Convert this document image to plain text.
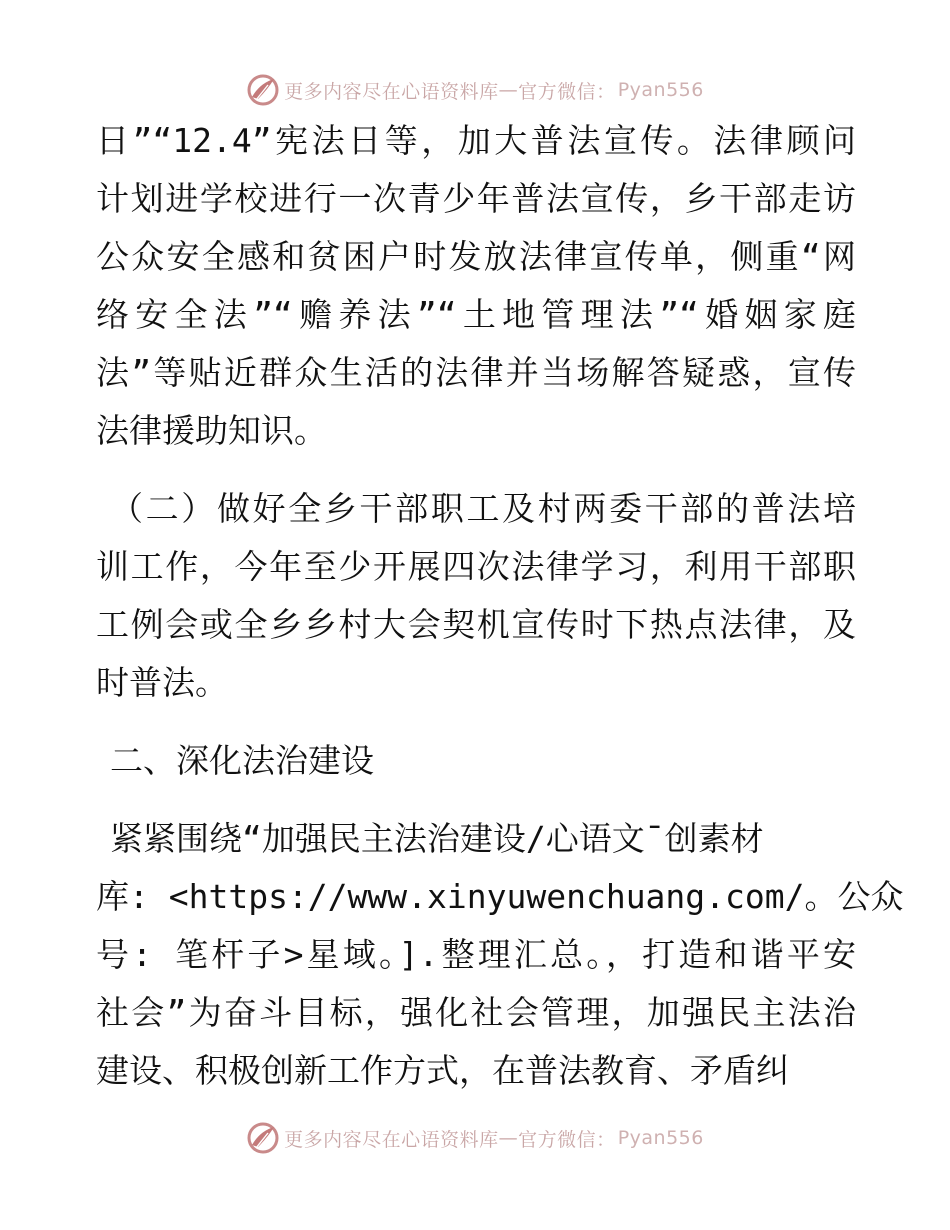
更多内容尽在心语资料库 — 官方微信： Pyan556
日”“12.4”宪法日等，加大普法宣传。法律顾问
计划进学校进行一次青少年普法宣传，乡干部走访
公众安全感和贫困户时发放法律宣传单，侧重“网
络安全法”“赡养法”“土地管理法”“婚姻家庭
法”等贴近群众生活的法律并当场解答疑惑，宣传
法律援助知识。
（二）做好全乡干部职工及村两委干部的普法培
训工作，今年至少开展四次法律学习，利用干部职
工例会或全乡乡村大会契机宣传时下热点法律，及
时普法。
二、深化法治建设
紧紧围绕“加强民主法治建设/心语文¯创素材
库: <https://www.xinyuwenchuang.com/。公众
号: 笔杆子>星域。].整理汇总。，打造和谐平安
社会”为奋斗目标，强化社会管理，加强民主法治
建设、积极创新工作方式，在普法教育、矛盾纠
更多内容尽在心语资料库 — 官方微信： Pyan556
